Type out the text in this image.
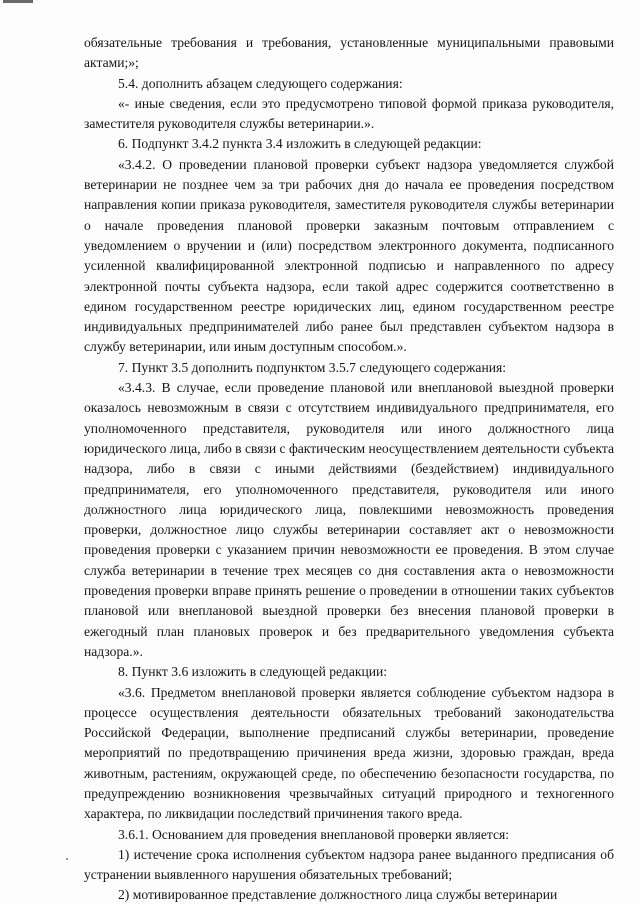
обязательные требования и требования, установленные муниципальными правовыми актами;»;

5.4. дополнить абзацем следующего содержания:

«- иные сведения, если это предусмотрено типовой формой приказа руководителя, заместителя руководителя службы ветеринарии.».

6. Подпункт 3.4.2 пункта 3.4 изложить в следующей редакции:

«3.4.2. О проведении плановой проверки субъект надзора уведомляется службой ветеринарии не позднее чем за три рабочих дня до начала ее проведения посредством направления копии приказа руководителя, заместителя руководителя службы ветеринарии о начале проведения плановой проверки заказным почтовым отправлением с уведомлением о вручении и (или) посредством электронного документа, подписанного усиленной квалифицированной электронной подписью и направленного по адресу электронной почты субъекта надзора, если такой адрес содержится соответственно в едином государственном реестре юридических лиц, едином государственном реестре индивидуальных предпринимателей либо ранее был представлен субъектом надзора в службу ветеринарии, или иным доступным способом.».

7. Пункт 3.5 дополнить подпунктом 3.5.7 следующего содержания:

«3.4.3. В случае, если проведение плановой или внеплановой выездной проверки оказалось невозможным в связи с отсутствием индивидуального предпринимателя, его уполномоченного представителя, руководителя или иного должностного лица юридического лица, либо в связи с фактическим неосуществлением деятельности субъекта надзора, либо в связи с иными действиями (бездействием) индивидуального предпринимателя, его уполномоченного представителя, руководителя или иного должностного лица юридического лица, повлекшими невозможность проведения проверки, должностное лицо службы ветеринарии составляет акт о невозможности проведения проверки с указанием причин невозможности ее проведения. В этом случае служба ветеринарии в течение трех месяцев со дня составления акта о невозможности проведения проверки вправе принять решение о проведении в отношении таких субъектов плановой или внеплановой выездной проверки без внесения плановой проверки в ежегодный план плановых проверок и без предварительного уведомления субъекта надзора.».

8. Пункт 3.6 изложить в следующей редакции:

«3.6. Предметом внеплановой проверки является соблюдение субъектом надзора в процессе осуществления деятельности обязательных требований законодательства Российской Федерации, выполнение предписаний службы ветеринарии, проведение мероприятий по предотвращению причинения вреда жизни, здоровью граждан, вреда животным, растениям, окружающей среде, по обеспечению безопасности государства, по предупреждению возникновения чрезвычайных ситуаций природного и техногенного характера, по ликвидации последствий причинения такого вреда.

3.6.1. Основанием для проведения внеплановой проверки является:

1) истечение срока исполнения субъектом надзора ранее выданного предписания об устранении выявленного нарушения обязательных требований;

2) мотивированное представление должностного лица службы ветеринарии
